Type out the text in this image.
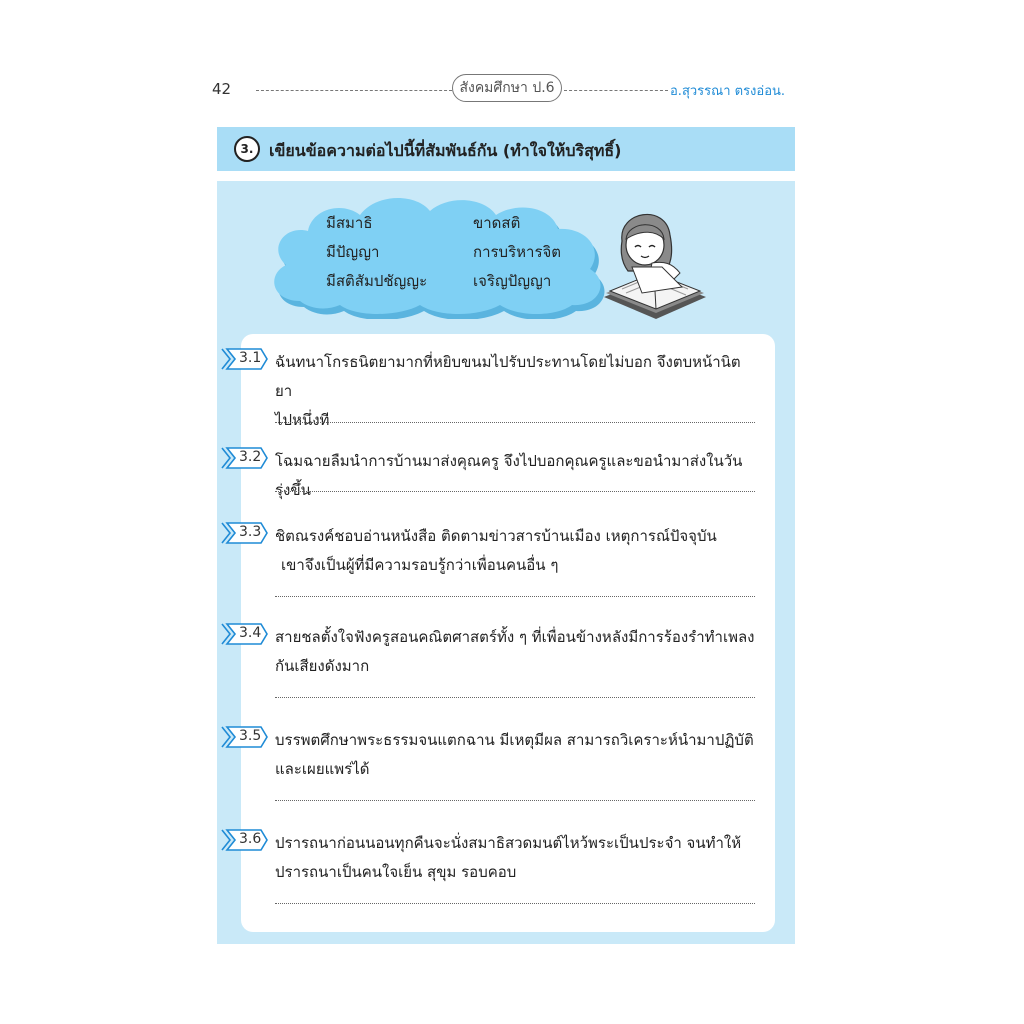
42	สังคมศึกษา ป.6	อ.สุวรรณา ตรงอ่อน.
3. เขียนข้อความต่อไปนี้ที่สัมพันธ์กัน (ทำใจให้บริสุทธิ์)
มีสมาธิ	ขาดสติ
มีปัญญา	การบริหารจิต
มีสติสัมปชัญญะ	เจริญปัญญา
3.1 ฉันทนาโกรธนิตยามากที่หยิบขนมไปรับประทานโดยไม่บอก จึงตบหน้านิตยา
ไปหนึ่งที
3.2 โฉมฉายลืมนำการบ้านมาส่งคุณครู จึงไปบอกคุณครูและขอนำมาส่งในวันรุ่งขึ้น
3.3 ชิตณรงค์ชอบอ่านหนังสือ ติดตามข่าวสารบ้านเมือง เหตุการณ์ปัจจุบัน
เขาจึงเป็นผู้ที่มีความรอบรู้กว่าเพื่อนคนอื่น ๆ
3.4 สายชลตั้งใจฟังครูสอนคณิตศาสตร์ทั้ง ๆ ที่เพื่อนข้างหลังมีการร้องรำทำเพลง
กันเสียงดังมาก
3.5 บรรพตศึกษาพระธรรมจนแตกฉาน มีเหตุมีผล สามารถวิเคราะห์นำมาปฏิบัติ
และเผยแพร่ได้
3.6 ปรารถนาก่อนนอนทุกคืนจะนั่งสมาธิสวดมนต์ไหว้พระเป็นประจำ จนทำให้
ปรารถนาเป็นคนใจเย็น สุขุม รอบคอบ
